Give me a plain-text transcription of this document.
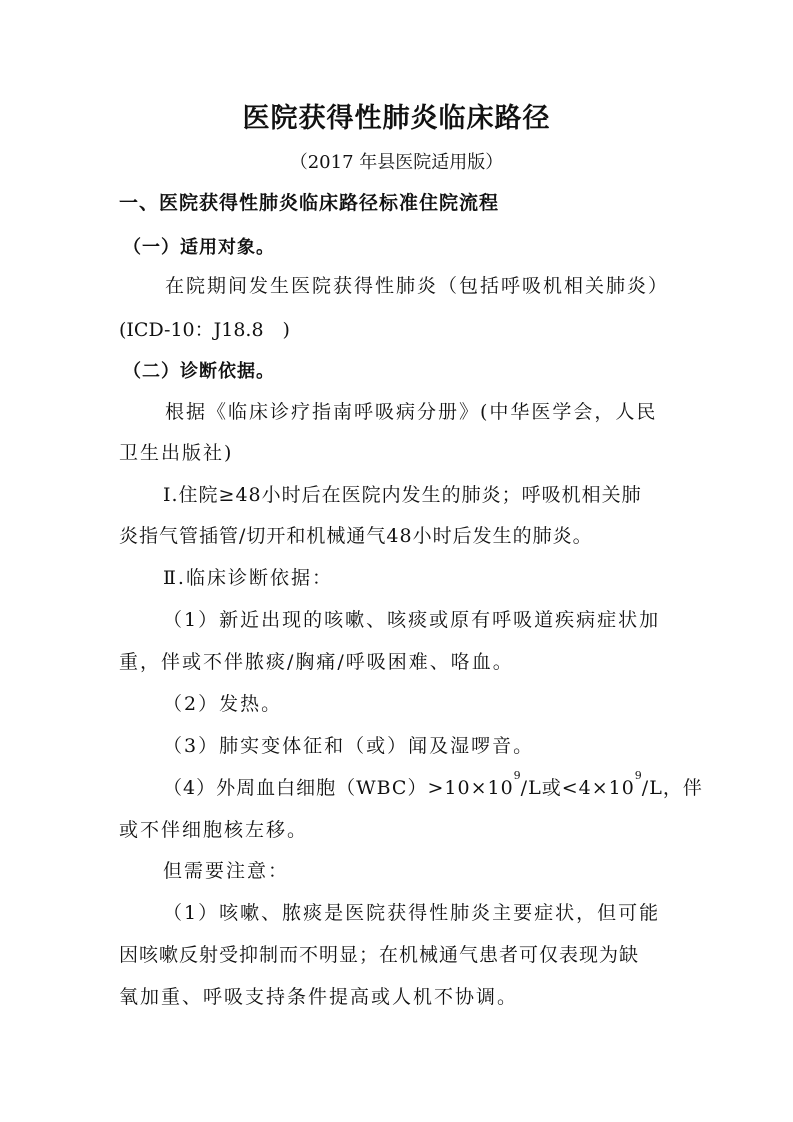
医院获得性肺炎临床路径
（2017 年县医院适用版）
一、医院获得性肺炎临床路径标准住院流程
（一）适用对象。
在院期间发生医院获得性肺炎（包括呼吸机相关肺炎）
(ICD-10：J18.8　)
（二）诊断依据。
根据《临床诊疗指南呼吸病分册》(中华医学会，人民
卫生出版社)
Ⅰ.住院≥48小时后在医院内发生的肺炎；呼吸机相关肺
炎指气管插管/切开和机械通气48小时后发生的肺炎。
Ⅱ.临床诊断依据：
（1）新近出现的咳嗽、咳痰或原有呼吸道疾病症状加
重，伴或不伴脓痰/胸痛/呼吸困难、咯血。
（2）发热。
（3）肺实变体征和（或）闻及湿啰音。
（4）外周血白细胞$(WBC)>10\times 10^9/L$或$<4\times 10^9/L$，伴
或不伴细胞核左移。
但需要注意：
（1）咳嗽、脓痰是医院获得性肺炎主要症状，但可能
因咳嗽反射受抑制而不明显；在机械通气患者可仅表现为缺
氧加重、呼吸支持条件提高或人机不协调。
